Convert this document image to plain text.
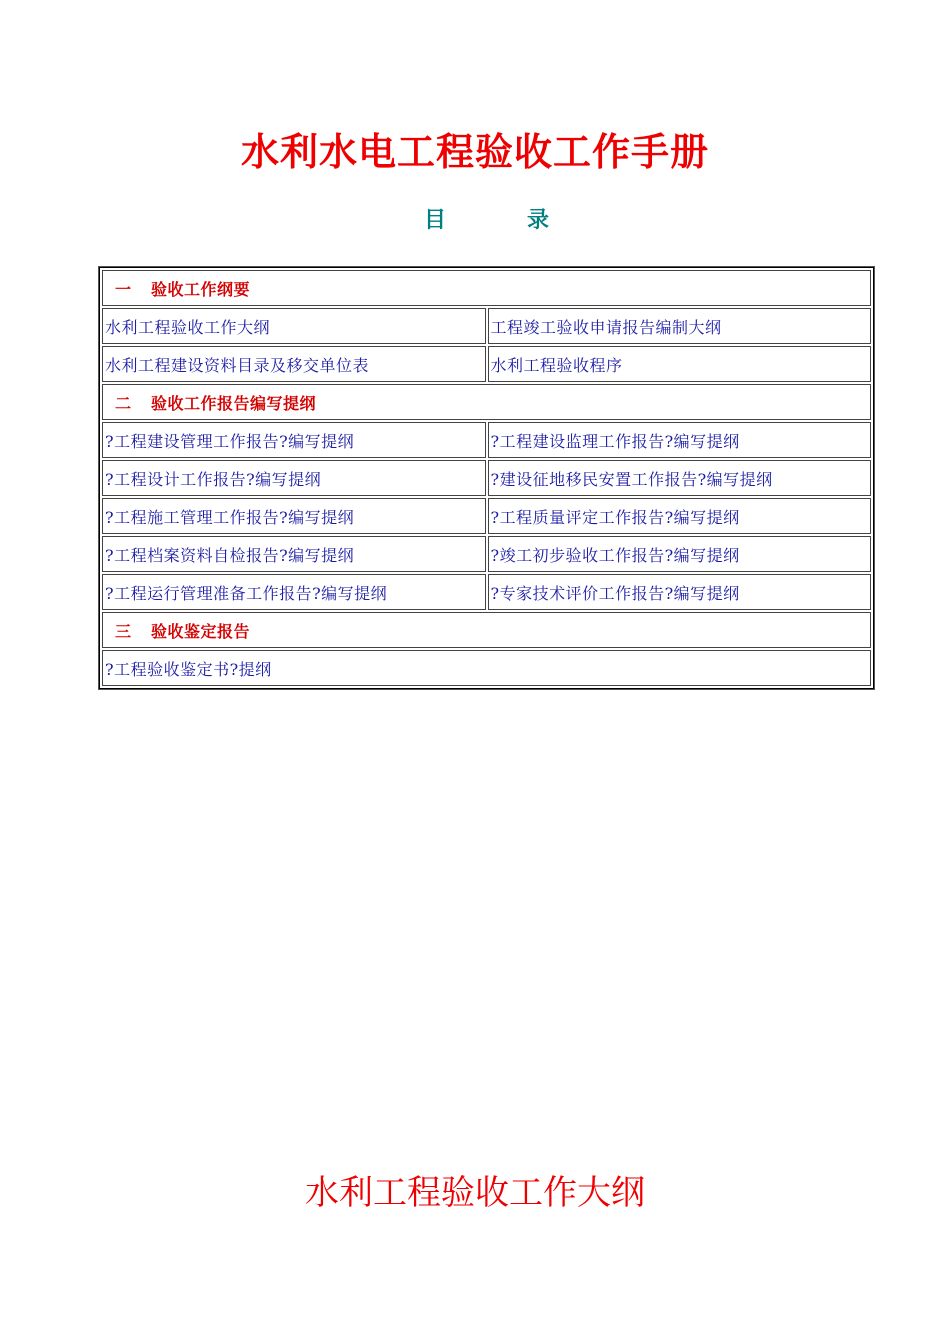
水利水电工程验收工作手册
目	录
一 验收工作纲要	
水利工程验收工作大纲	工程竣工验收申请报告编制大纲
水利工程建设资料目录及移交单位表	水利工程验收程序
二 验收工作报告编写提纲	
?工程建设管理工作报告?编写提纲	?工程建设监理工作报告?编写提纲
?工程设计工作报告?编写提纲	?建设征地移民安置工作报告?编写提纲
?工程施工管理工作报告?编写提纲	?工程质量评定工作报告?编写提纲
?工程档案资料自检报告?编写提纲	?竣工初步验收工作报告?编写提纲
?工程运行管理准备工作报告?编写提纲	?专家技术评价工作报告?编写提纲
三 验收鉴定报告	
?工程验收鉴定书?提纲	
水利工程验收工作大纲
